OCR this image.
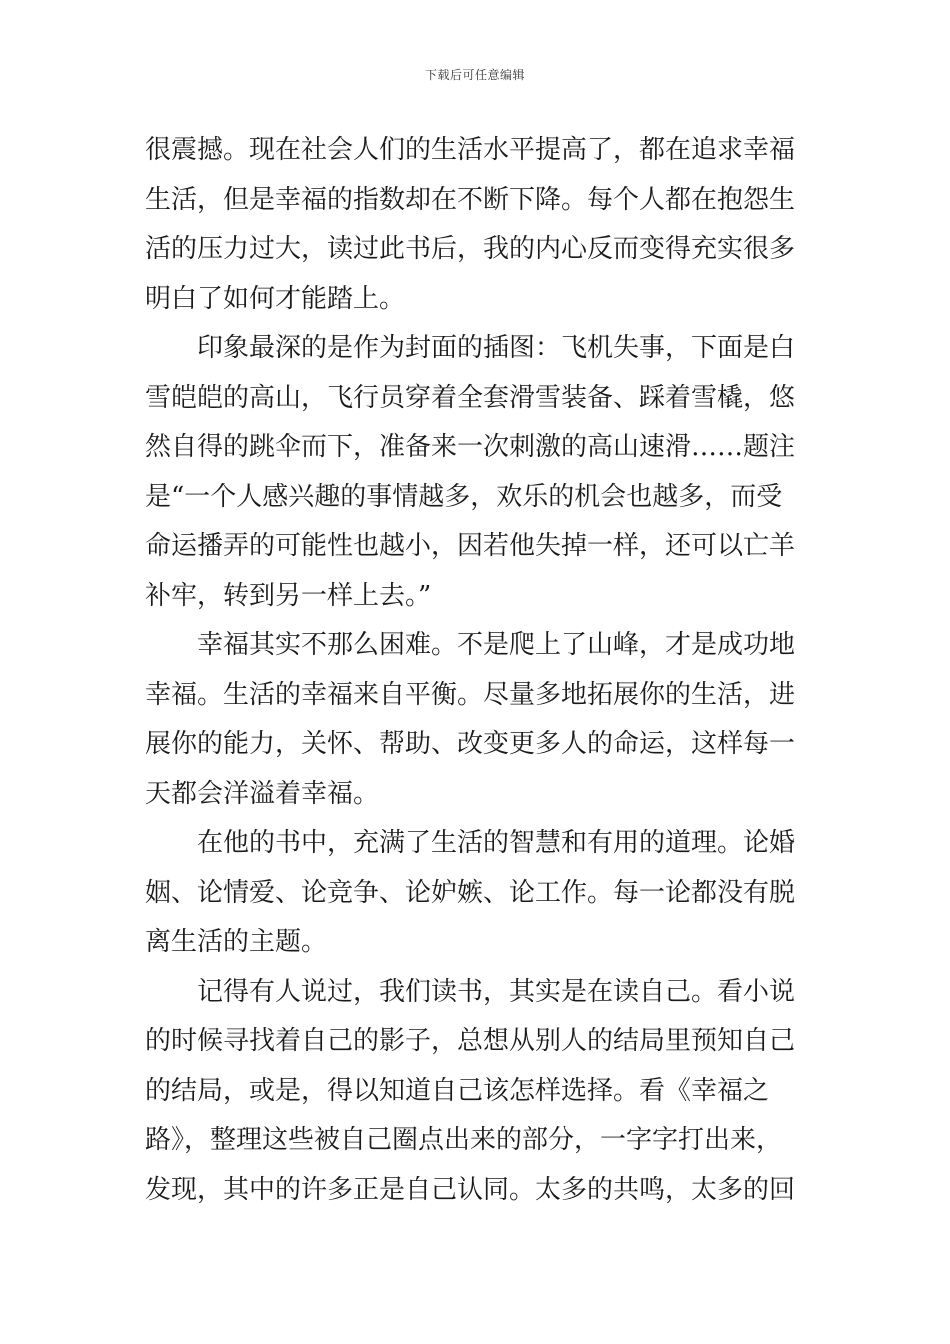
下载后可任意编辑

很震撼。现在社会人们的生活水平提高了，都在追求幸福
生活，但是幸福的指数却在不断下降。每个人都在抱怨生
活的压力过大，读过此书后，我的内心反而变得充实很多
明白了如何才能踏上。

　　印象最深的是作为封面的插图：飞机失事，下面是白
雪皑皑的高山，飞行员穿着全套滑雪装备、踩着雪橇，悠
然自得的跳伞而下，准备来一次刺激的高山速滑……题注
是“一个人感兴趣的事情越多，欢乐的机会也越多，而受
命运播弄的可能性也越小，因若他失掉一样，还可以亡羊
补牢，转到另一样上去。”

　　幸福其实不那么困难。不是爬上了山峰，才是成功地
幸福。生活的幸福来自平衡。尽量多地拓展你的生活，进
展你的能力，关怀、帮助、改变更多人的命运，这样每一
天都会洋溢着幸福。

　　在他的书中，充满了生活的智慧和有用的道理。论婚
姻、论情爱、论竞争、论妒嫉、论工作。每一论都没有脱
离生活的主题。

　　记得有人说过，我们读书，其实是在读自己。看小说
的时候寻找着自己的影子，总想从别人的结局里预知自己
的结局，或是，得以知道自己该怎样选择。看《幸福之
路》，整理这些被自己圈点出来的部分，一字字打出来，
发现，其中的许多正是自己认同。太多的共鸣，太多的回
